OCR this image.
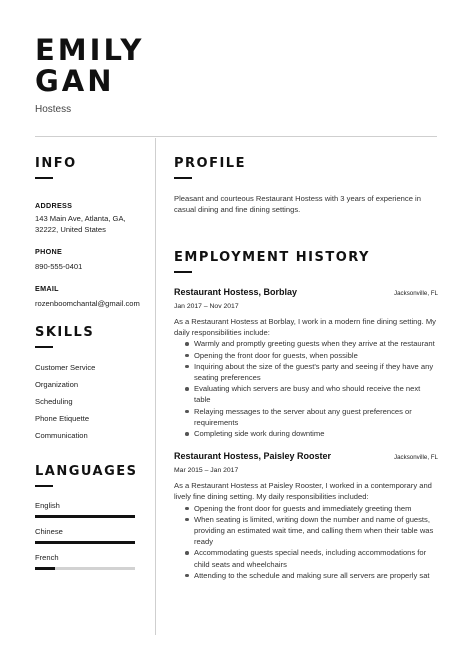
EMILY
GAN
Hostess
INFO
ADDRESS
143 Main Ave, Atlanta, GA,
32222, United States
PHONE
890-555-0401
EMAIL
rozenboomchantal@gmail.com
SKILLS
Customer Service
Organization
Scheduling
Phone Etiquette
Communication
LANGUAGES
English
Chinese
French
PROFILE
Pleasant and courteous Restaurant Hostess with 3 years of experience in casual dining and fine dining settings.
EMPLOYMENT HISTORY
Restaurant Hostess, Borblay	Jacksonville, FL
Jan 2017 – Nov 2017
As a Restaurant Hostess at Borblay, I work in a modern fine dining setting. My daily responsibilities include:
Warmly and promptly greeting guests when they arrive at the restaurant
Opening the front door for guests, when possible
Inquiring about the size of the guest's party and seeing if they have any seating preferences
Evaluating which servers are busy and who should receive the next table
Relaying messages to the server about any guest preferences or requirements
Completing side work during downtime
Restaurant Hostess, Paisley Rooster	Jacksonville, FL
Mar 2015 – Jan 2017
As a Restaurant Hostess at Paisley Rooster, I worked in a contemporary and lively fine dining setting. My daily responsibilities included:
Opening the front door for guests and immediately greeting them
When seating is limited, writing down the number and name of guests, providing an estimated wait time, and calling them when their table was ready
Accommodating guests special needs, including accommodations for child seats and wheelchairs
Attending to the schedule and making sure all servers are properly sat
